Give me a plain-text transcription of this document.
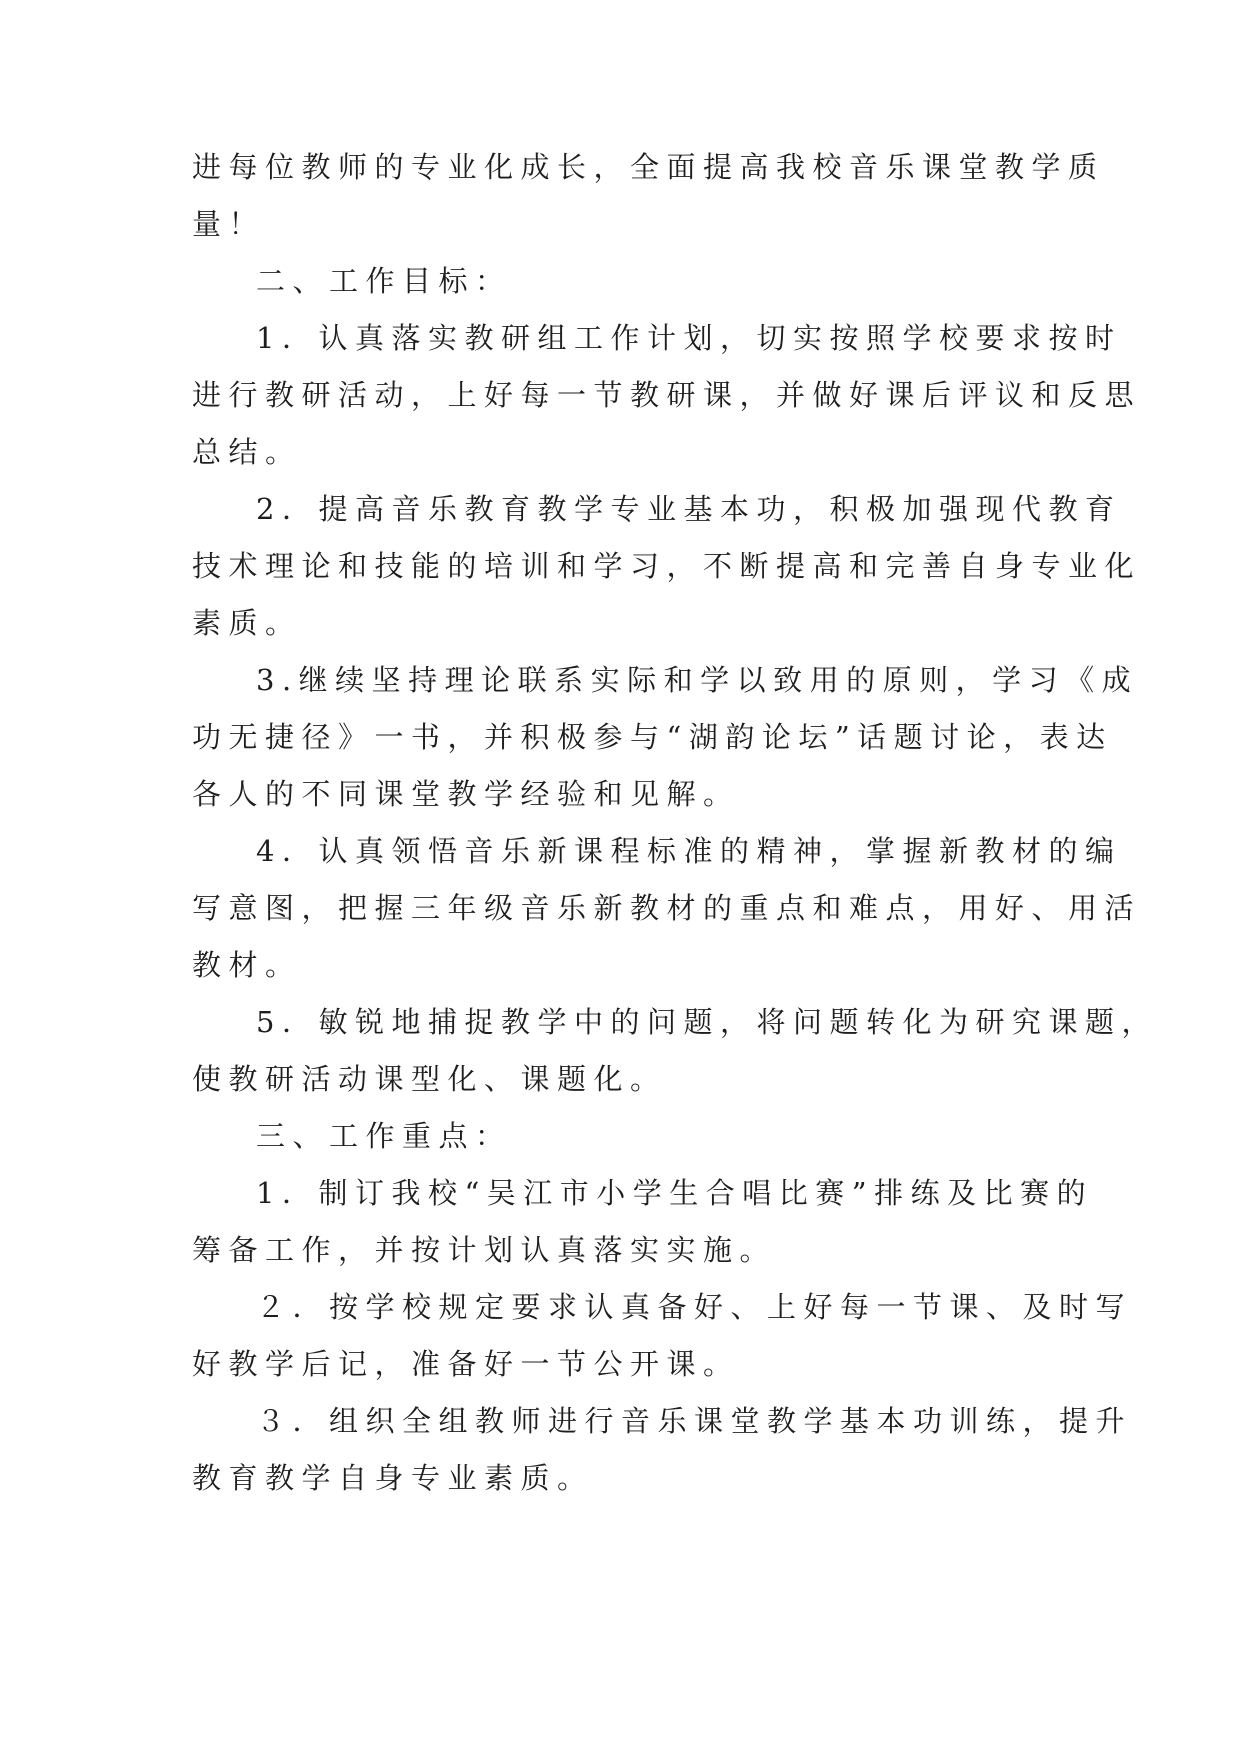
进每位教师的专业化成长，全面提高我校音乐课堂教学质
量！
二、工作目标：
1．认真落实教研组工作计划，切实按照学校要求按时
进行教研活动，上好每一节教研课，并做好课后评议和反思
总结。
2．提高音乐教育教学专业基本功，积极加强现代教育
技术理论和技能的培训和学习，不断提高和完善自身专业化
素质。
3.继续坚持理论联系实际和学以致用的原则，学习《成
功无捷径》一书，并积极参与“湖韵论坛”话题讨论，表达
各人的不同课堂教学经验和见解。
4．认真领悟音乐新课程标准的精神，掌握新教材的编
写意图，把握三年级音乐新教材的重点和难点，用好、用活
教材。
5．敏锐地捕捉教学中的问题，将问题转化为研究课题，
使教研活动课型化、课题化。
三、工作重点：
1．制订我校“吴江市小学生合唱比赛”排练及比赛的
筹备工作，并按计划认真落实实施。
２．按学校规定要求认真备好、上好每一节课、及时写
好教学后记，准备好一节公开课。
３．组织全组教师进行音乐课堂教学基本功训练，提升
教育教学自身专业素质。
